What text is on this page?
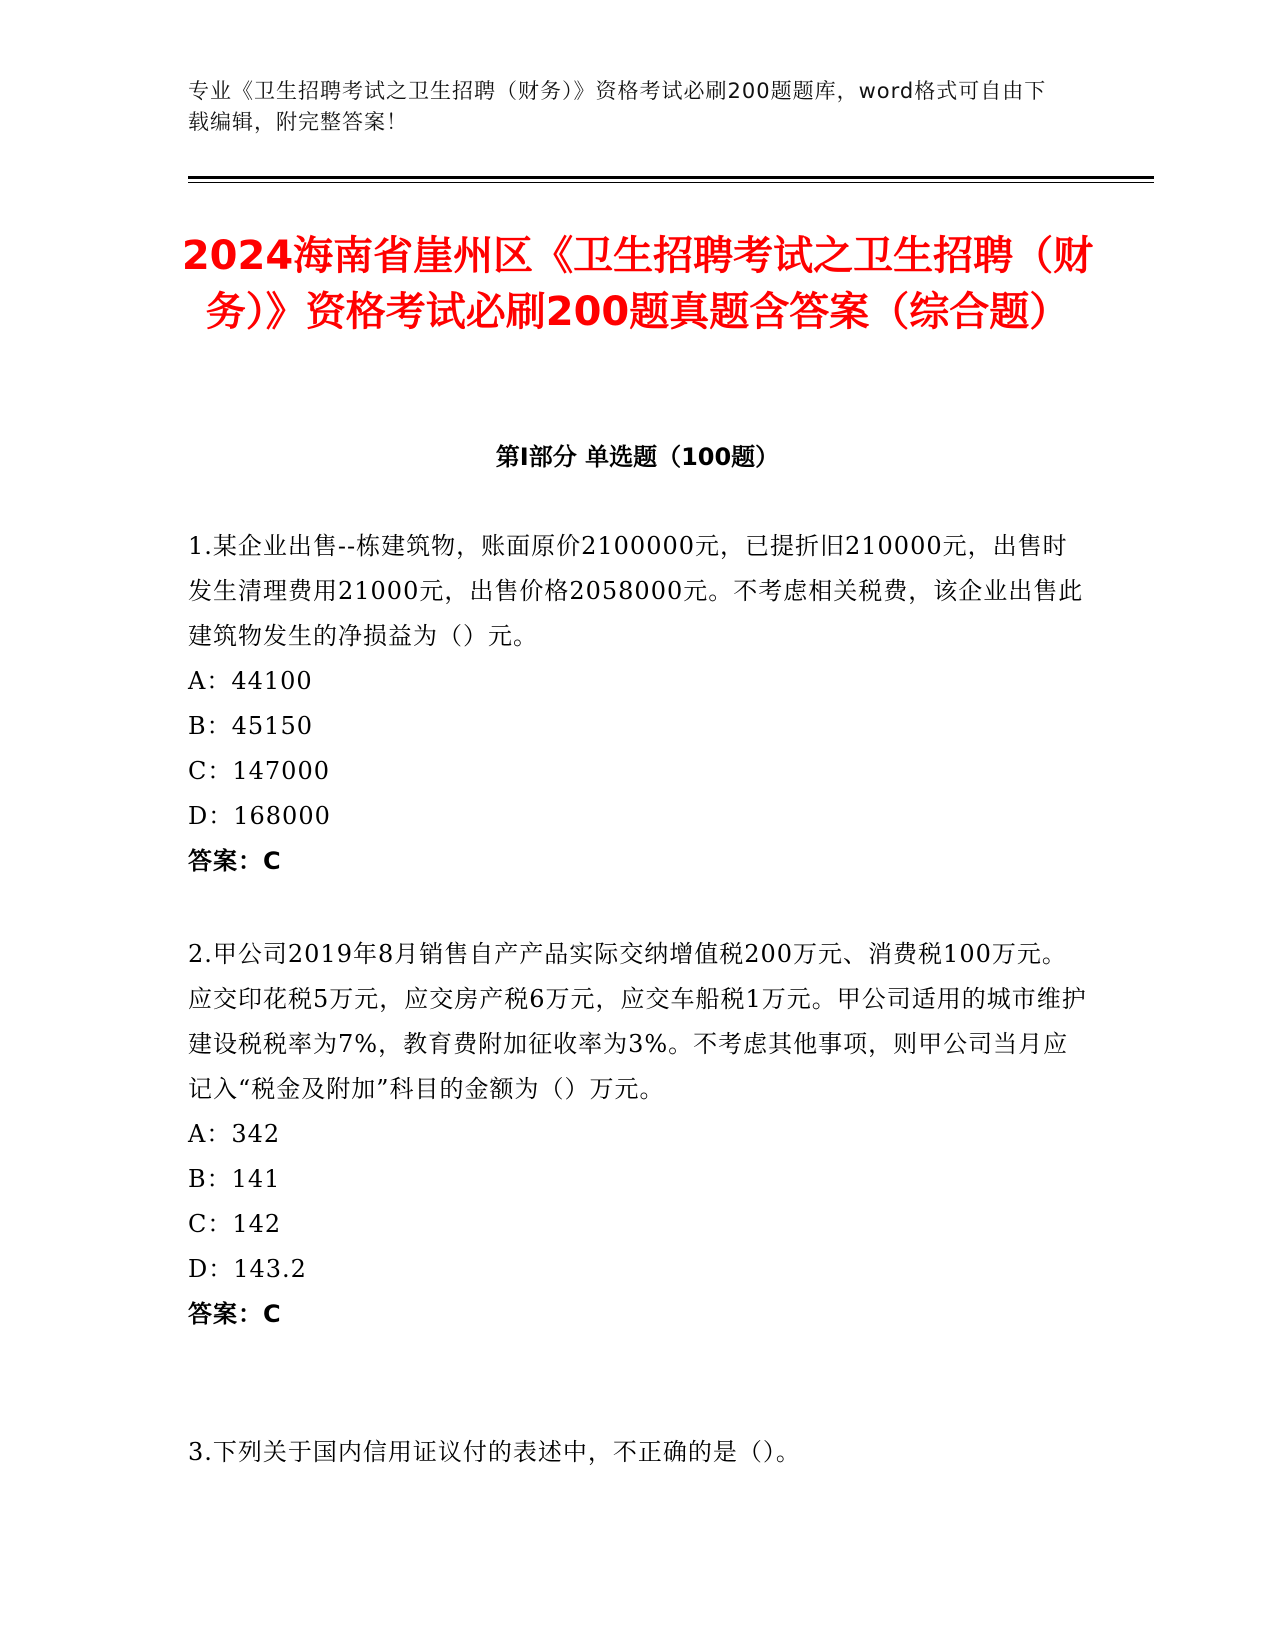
专业《卫生招聘考试之卫生招聘（财务）》资格考试必刷200题题库，word格式可自由下载编辑，附完整答案！
2024海南省崖州区《卫生招聘考试之卫生招聘（财务）》资格考试必刷200题真题含答案（综合题）
第I部分 单选题（100题）
1.某企业出售--栋建筑物，账面原价2100000元，已提折旧210000元，出售时发生清理费用21000元，出售价格2058000元。不考虑相关税费，该企业出售此建筑物发生的净损益为（）元。
A：44100
B：45150
C：147000
D：168000
答案：C
2.甲公司2019年8月销售自产产品实际交纳增值税200万元、消费税100万元。应交印花税5万元，应交房产税6万元，应交车船税1万元。甲公司适用的城市维护建设税税率为7%，教育费附加征收率为3%。不考虑其他事项，则甲公司当月应记入“税金及附加”科目的金额为（）万元。
A：342
B：141
C：142
D：143.2
答案：C
3.下列关于国内信用证议付的表述中，不正确的是（）。
